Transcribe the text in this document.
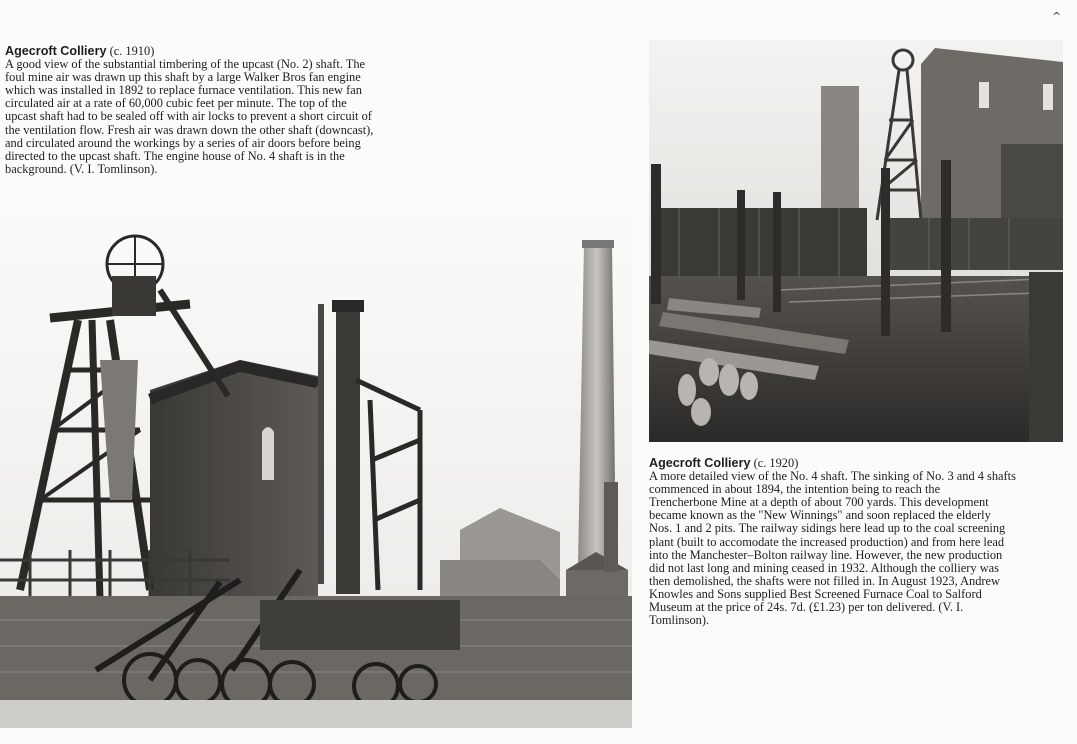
^
Agecroft Colliery (c. 1910)
A good view of the substantial timbering of the upcast (No. 2) shaft. The
foul mine air was drawn up this shaft by a large Walker Bros fan engine
which was installed in 1892 to replace furnace ventilation. This new fan
circulated air at a rate of 60,000 cubic feet per minute. The top of the
upcast shaft had to be sealed off with air locks to prevent a short circuit of
the ventilation flow. Fresh air was drawn down the other shaft (downcast),
and circulated around the workings by a series of air doors before being
directed to the upcast shaft. The engine house of No. 4 shaft is in the
background. (V. I. Tomlinson).
Agecroft Colliery (c. 1920)
A more detailed view of the No. 4 shaft. The sinking of No. 3 and 4 shafts
commenced in about 1894, the intention being to reach the
Trencherbone Mine at a depth of about 700 yards. This development
became known as the "New Winnings" and soon replaced the elderly
Nos. 1 and 2 pits. The railway sidings here lead up to the coal screening
plant (built to accomodate the increased production) and from here lead
into the Manchester–Bolton railway line. However, the new production
did not last long and mining ceased in 1932. Although the colliery was
then demolished, the shafts were not filled in. In August 1923, Andrew
Knowles and Sons supplied Best Screened Furnace Coal to Salford
Museum at the price of 24s. 7d. (£1.23) per ton delivered. (V. I.
Tomlinson).
